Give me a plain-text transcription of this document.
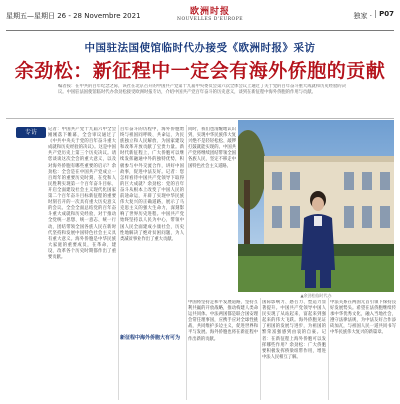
星期五—星期日 26 - 28 Novembre 2021	欧洲时报
NOUVELLES D'EUROPE	独家 ·	P07
中国驻法国使馆临时代办接受《欧洲时报》采访
余劲松：新征程中一定会有海外侨胞的贡献
编者按：在中共的百年纪念之际，该社在北京召开的中国共产党第十九届中央委员会第六次全体会议上通过了关于党的百年奋斗重大成就和历史经验的决议。中国驻法国使馆临时代办余劲松接受欧洲时报专访，介绍中国共产党百年奋斗的历史意义，谈到在新征程中海外侨胞的作用与贡献。
专访	记者：中国共产党十九届六中全会刚刚落下帷幕，全会审议通过了《中共中央关于党的百年奋斗重大成就和历史经验的决议》。这是中国共产党历史上第三个历史决议。请您谈谈这次全会的重大意义，以及对海外侨胞有哪些重要的启示？余劲松：全会是在中国共产党成立一百周年的重要历史时刻、在党和人民胜利实现第一个百年奋斗目标、开启全面建设社会主义现代化国家第二个百年奋斗目标新征程的重要时刻召开的一次具有重大历史意义的会议。全会全面总结党的百年奋斗重大成就和历史经验，对于推动全党统一思想、统一意志、统一行动，团结带领全国各族人民在新时代坚持和发展中国特色社会主义具有重大意义。海外侨胞是中华民族大家庭的重要成员，在革命、建设、改革各个历史时期都作出了重要贡献。
百年奋斗的历程中，海外侨胞始终与祖国同呼吸、共命运，为民族独立和人民解放、为国家建设和改革开放贡献了宝贵力量。新时代新征程上，广大侨胞可以继续发挥融通中外的独特优势，积极参与中外交流合作，讲好中国故事，促进中法友好。记者：您怎样看待中国共产党领导下取得的巨大成就？余劲松：党的百年奋斗从根本上改变了中国人民的前途命运，开辟了实现中华民族伟大复兴的正确道路，展示了马克思主义的强大生命力，深刻影响了世界历史进程。中国共产党始终坚持以人民为中心，带领中国人民全面建成小康社会，历史性地解决了绝对贫困问题，为人类减贫事业作出了重大贡献。
新征程中海外侨胞大有可为
同时，我们也清醒地认识到，实现中华民族伟大复兴绝不是轻轻松松、敲锣打鼓就能实现的。中国共产党将继续团结带领全国各族人民，坚定不移走中国特色社会主义道路。
中国将坚持走和平发展道路，坚持互利共赢的开放战略，推动构建人类命运共同体。中法两国都是联合国安理会常任理事国，应携手应对全球性挑战，共同维护多边主义，促进世界和平与发展。海外侨胞也将在新征程中作出新的贡献。
国际影响力、感召力、塑造力显著提升。中国共产党领导中国人民实现了从站起来、富起来到强起来的伟大飞跃。海外侨胞见证了祖国的发展与进步，为祖国的繁荣富强感到由衷的自豪。记者：在新征程上海外侨胞可以发挥哪些作用？余劲松：广大侨胞要积极发挥桥梁纽带作用，增进中法人民相互了解。
中法关系在两国元首引领下保持良好发展势头。希望在法侨胞继续传承中华优秀文化，融入当地社会，遵守法律法规，为中法友好合作添砖加瓦，与祖国人民一道共同书写中华民族伟大复兴的新篇章。
▲余劲松临时代办
